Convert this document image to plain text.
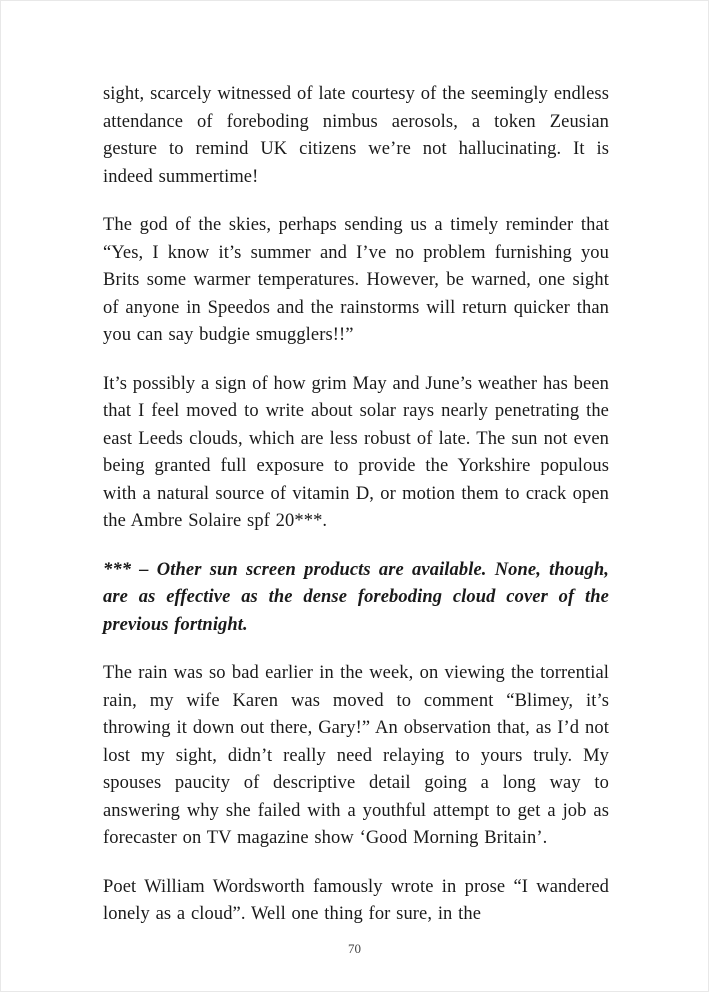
sight, scarcely witnessed of late courtesy of the seemingly endless attendance of foreboding nimbus aerosols, a token Zeusian gesture to remind UK citizens we’re not hallucinating. It is indeed summertime!

The god of the skies, perhaps sending us a timely reminder that “Yes, I know it’s summer and I’ve no problem furnishing you Brits some warmer temperatures. However, be warned, one sight of anyone in Speedos and the rainstorms will return quicker than you can say budgie smugglers!!”

It’s possibly a sign of how grim May and June’s weather has been that I feel moved to write about solar rays nearly penetrating the east Leeds clouds, which are less robust of late. The sun not even being granted full exposure to provide the Yorkshire populous with a natural source of vitamin D, or motion them to crack open the Ambre Solaire spf 20***.

*** – Other sun screen products are available. None, though, are as effective as the dense foreboding cloud cover of the previous fortnight.

The rain was so bad earlier in the week, on viewing the torrential rain, my wife Karen was moved to comment “Blimey, it’s throwing it down out there, Gary!” An observation that, as I’d not lost my sight, didn’t really need relaying to yours truly. My spouses paucity of descriptive detail going a long way to answering why she failed with a youthful attempt to get a job as forecaster on TV magazine show ‘Good Morning Britain’.

Poet William Wordsworth famously wrote in prose “I wandered lonely as a cloud”. Well one thing for sure, in the

70
